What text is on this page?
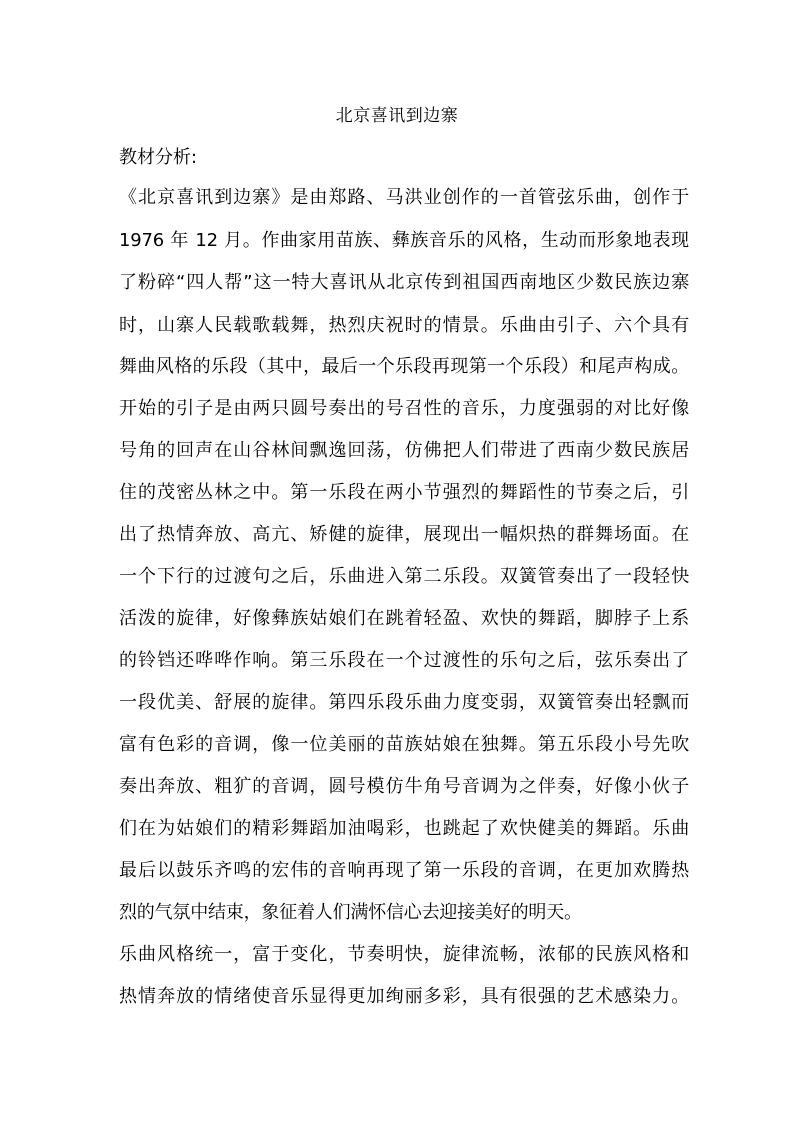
北京喜讯到边寨
教材分析:
《北京喜讯到边寨》是由郑路、马洪业创作的一首管弦乐曲，创作于
1976 年 12 月。作曲家用苗族、彝族音乐的风格，生动而形象地表现
了粉碎“四人帮”这一特大喜讯从北京传到祖国西南地区少数民族边寨
时，山寨人民载歌载舞，热烈庆祝时的情景。乐曲由引子、六个具有
舞曲风格的乐段（其中，最后一个乐段再现第一个乐段）和尾声构成。
开始的引子是由两只圆号奏出的号召性的音乐，力度强弱的对比好像
号角的回声在山谷林间飘逸回荡，仿佛把人们带进了西南少数民族居
住的茂密丛林之中。第一乐段在两小节强烈的舞蹈性的节奏之后，引
出了热情奔放、高亢、矫健的旋律，展现出一幅炽热的群舞场面。在
一个下行的过渡句之后，乐曲进入第二乐段。双簧管奏出了一段轻快
活泼的旋律，好像彝族姑娘们在跳着轻盈、欢快的舞蹈，脚脖子上系
的铃铛还哗哗作响。第三乐段在一个过渡性的乐句之后，弦乐奏出了
一段优美、舒展的旋律。第四乐段乐曲力度变弱，双簧管奏出轻飘而
富有色彩的音调，像一位美丽的苗族姑娘在独舞。第五乐段小号先吹
奏出奔放、粗犷的音调，圆号模仿牛角号音调为之伴奏，好像小伙子
们在为姑娘们的精彩舞蹈加油喝彩，也跳起了欢快健美的舞蹈。乐曲
最后以鼓乐齐鸣的宏伟的音响再现了第一乐段的音调，在更加欢腾热
烈的气氛中结束，象征着人们满怀信心去迎接美好的明天。
乐曲风格统一，富于变化，节奏明快，旋律流畅，浓郁的民族风格和
热情奔放的情绪使音乐显得更加绚丽多彩，具有很强的艺术感染力。
